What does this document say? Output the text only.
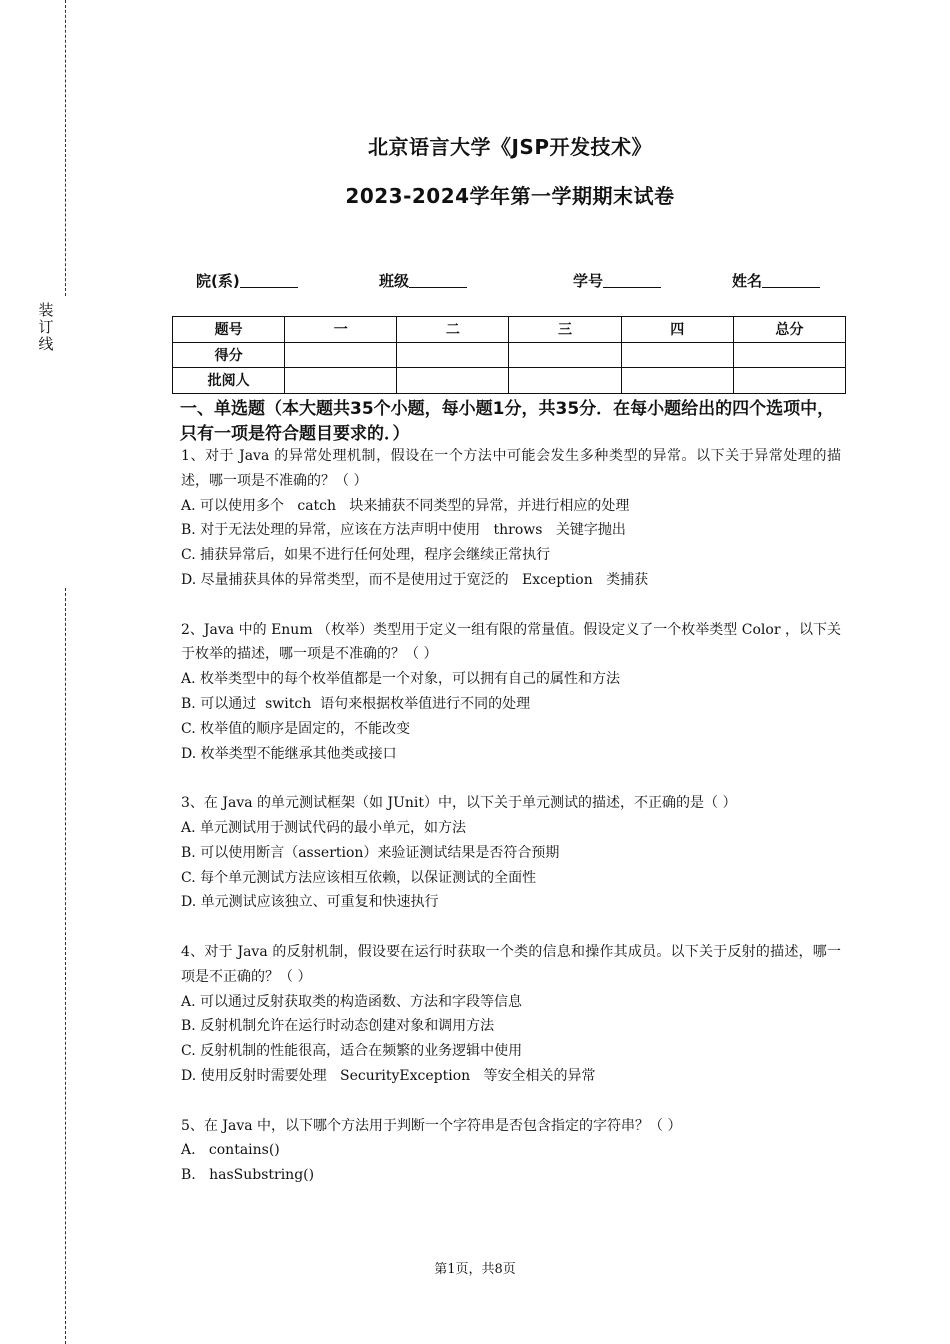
装订线
北京语言大学《JSP开发技术》
2023-2024学年第一学期期末试卷
院(系)	班级	学号	姓名
题号	一	二	三	四	总分
得分					
批阅人					
一、单选题（本大题共35个小题，每小题1分，共35分．在每小题给出的四个选项中，只有一项是符合题目要求的．）
1、对于 Java 的异常处理机制，假设在一个方法中可能会发生多种类型的异常。以下关于异常处理的描述，哪一项是不准确的？（ ）
A. 可以使用多个   catch   块来捕获不同类型的异常，并进行相应的处理
B. 对于无法处理的异常，应该在方法声明中使用   throws   关键字抛出
C. 捕获异常后，如果不进行任何处理，程序会继续正常执行
D. 尽量捕获具体的异常类型，而不是使用过于宽泛的   Exception   类捕获
2、Java 中的 Enum （枚举）类型用于定义一组有限的常量值。假设定义了一个枚举类型 Color ，以下关于枚举的描述，哪一项是不准确的？（ ）
A. 枚举类型中的每个枚举值都是一个对象，可以拥有自己的属性和方法
B. 可以通过  switch  语句来根据枚举值进行不同的处理
C. 枚举值的顺序是固定的，不能改变
D. 枚举类型不能继承其他类或接口
3、在 Java 的单元测试框架（如 JUnit）中，以下关于单元测试的描述，不正确的是（ ）
A. 单元测试用于测试代码的最小单元，如方法
B. 可以使用断言（assertion）来验证测试结果是否符合预期
C. 每个单元测试方法应该相互依赖，以保证测试的全面性
D. 单元测试应该独立、可重复和快速执行
4、对于 Java 的反射机制，假设要在运行时获取一个类的信息和操作其成员。以下关于反射的描述，哪一项是不正确的？（ ）
A. 可以通过反射获取类的构造函数、方法和字段等信息
B. 反射机制允许在运行时动态创建对象和调用方法
C. 反射机制的性能很高，适合在频繁的业务逻辑中使用
D. 使用反射时需要处理   SecurityException   等安全相关的异常
5、在 Java 中，以下哪个方法用于判断一个字符串是否包含指定的字符串？（ ）
A.   contains()
B.   hasSubstring()
第1页，共8页
